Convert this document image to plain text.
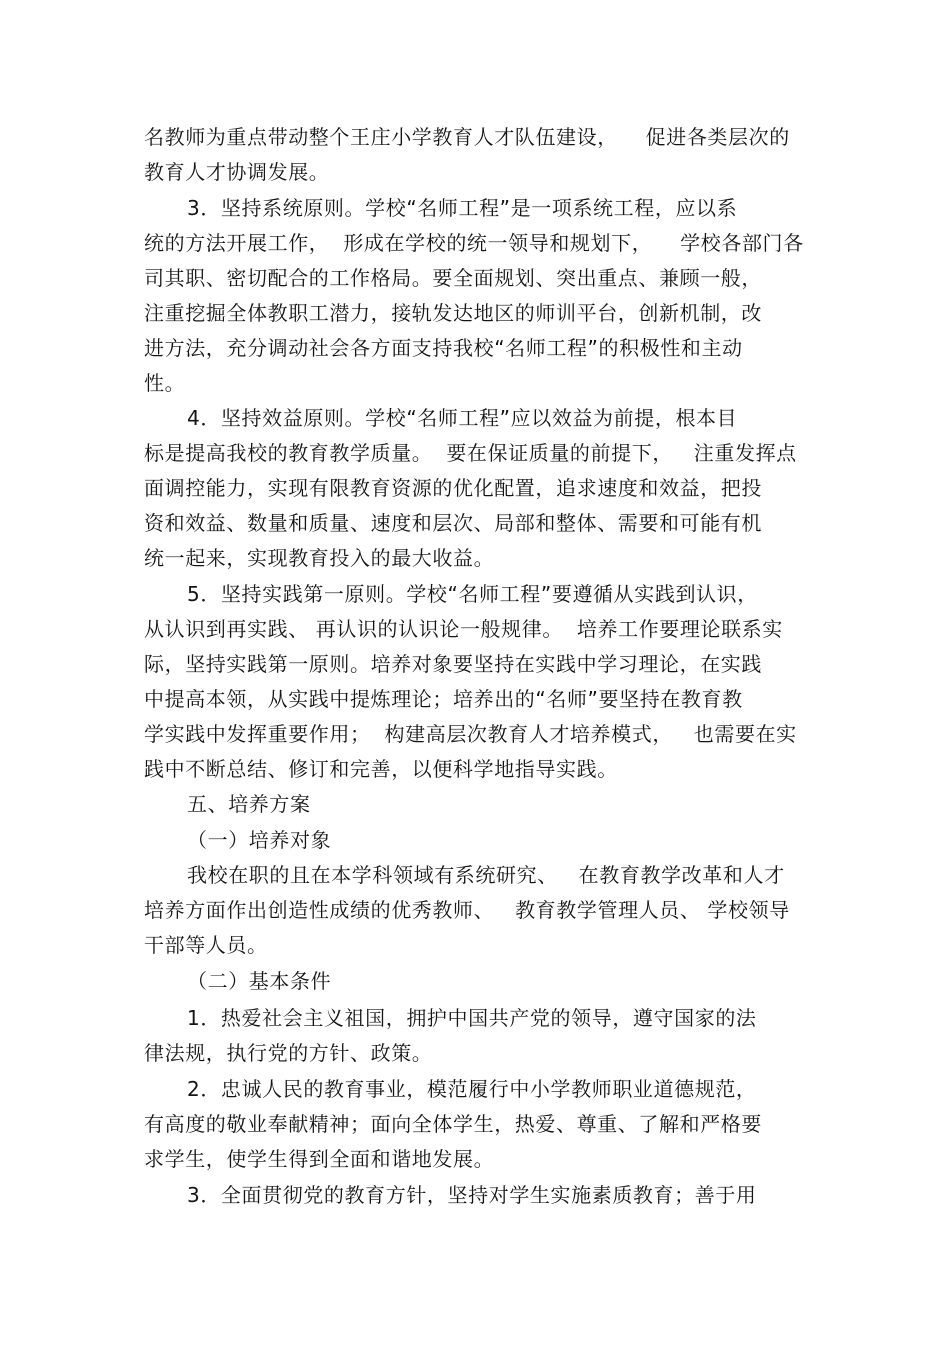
名教师为重点带动整个王庄小学教育人才队伍建设，    促进各类层次的
教育人才协调发展。
3．坚持系统原则。学校“名师工程”是一项系统工程，应以系
统的方法开展工作，  形成在学校的统一领导和规划下，    学校各部门各
司其职、密切配合的工作格局。要全面规划、突出重点、兼顾一般，
注重挖掘全体教职工潜力，接轨发达地区的师训平台，创新机制，改
进方法，充分调动社会各方面支持我校“名师工程”的积极性和主动
性。
4．坚持效益原则。学校“名师工程”应以效益为前提，根本目
标是提高我校的教育教学质量。  要在保证质量的前提下，   注重发挥点
面调控能力，实现有限教育资源的优化配置，追求速度和效益，把投
资和效益、数量和质量、速度和层次、局部和整体、需要和可能有机
统一起来，实现教育投入的最大收益。
5．坚持实践第一原则。学校“名师工程”要遵循从实践到认识，
从认识到再实践、 再认识的认识论一般规律。  培养工作要理论联系实
际，坚持实践第一原则。培养对象要坚持在实践中学习理论，在实践
中提高本领，从实践中提炼理论；培养出的“名师”要坚持在教育教
学实践中发挥重要作用；  构建高层次教育人才培养模式，   也需要在实
践中不断总结、修订和完善，以便科学地指导实践。
五、培养方案
（一）培养对象
我校在职的且在本学科领域有系统研究、   在教育教学改革和人才
培养方面作出创造性成绩的优秀教师、   教育教学管理人员、 学校领导
干部等人员。
（二）基本条件
1．热爱社会主义祖国，拥护中国共产党的领导，遵守国家的法
律法规，执行党的方针、政策。
2．忠诚人民的教育事业，模范履行中小学教师职业道德规范，
有高度的敬业奉献精神；面向全体学生，热爱、尊重、了解和严格要
求学生，使学生得到全面和谐地发展。
3．全面贯彻党的教育方针，坚持对学生实施素质教育；善于用
